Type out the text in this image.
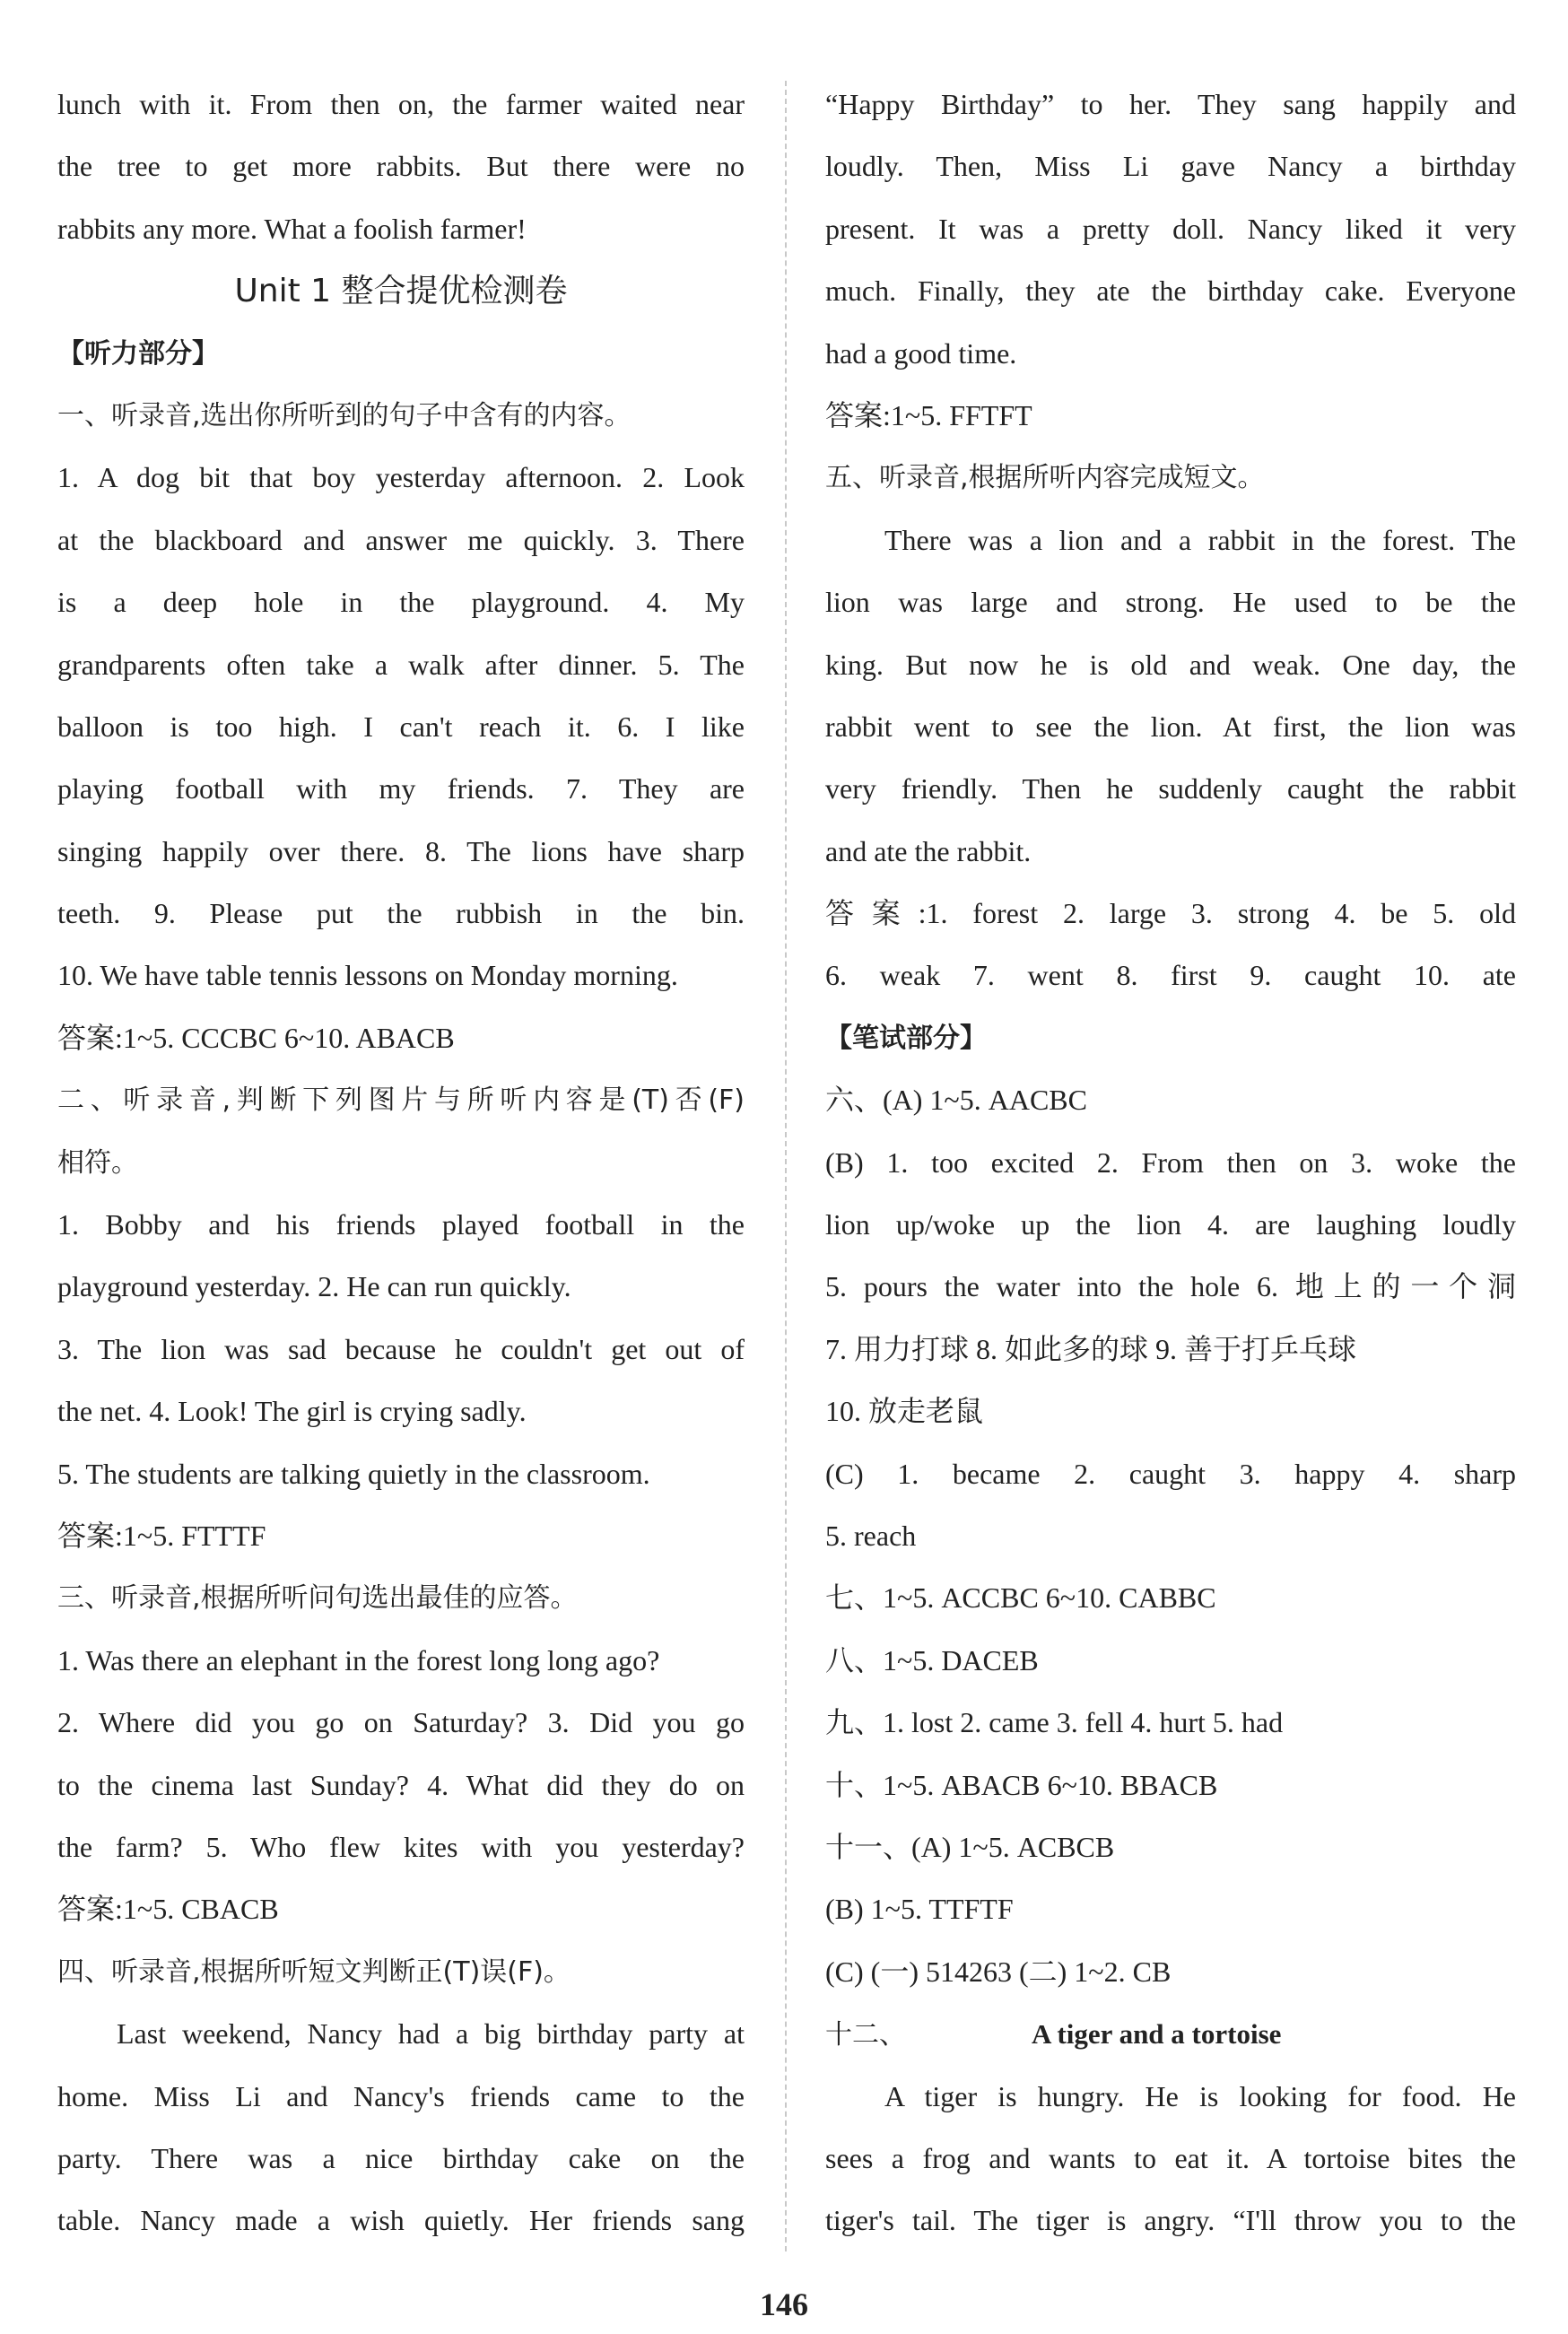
lunch with it. From then on, the farmer waited near
the tree to get more rabbits. But there were no
rabbits any more. What a foolish farmer!
Unit 1 整合提优检测卷
【听力部分】
一、听录音,选出你所听到的句子中含有的内容。
1. A dog bit that boy yesterday afternoon. 2. Look
at the blackboard and answer me quickly. 3. There
is a deep hole in the playground. 4. My
grandparents often take a walk after dinner. 5. The
balloon is too high. I can't reach it. 6. I like
playing football with my friends. 7. They are
singing happily over there. 8. The lions have sharp
teeth. 9. Please put the rubbish in the bin.
10. We have table tennis lessons on Monday morning.
答案:1~5. CCCBC 6~10. ABACB
二、听录音,判断下列图片与所听内容是(T)否(F)
相符。
1. Bobby and his friends played football in the
playground yesterday. 2. He can run quickly.
3. The lion was sad because he couldn't get out of
the net. 4. Look! The girl is crying sadly.
5. The students are talking quietly in the classroom.
答案:1~5. FTTTF
三、听录音,根据所听问句选出最佳的应答。
1. Was there an elephant in the forest long long ago?
2. Where did you go on Saturday? 3. Did you go
to the cinema last Sunday? 4. What did they do on
the farm? 5. Who flew kites with you yesterday?
答案:1~5. CBACB
四、听录音,根据所听短文判断正(T)误(F)。
Last weekend, Nancy had a big birthday party at
home. Miss Li and Nancy's friends came to the
party. There was a nice birthday cake on the
table. Nancy made a wish quietly. Her friends sang
“Happy Birthday” to her. They sang happily and
loudly. Then, Miss Li gave Nancy a birthday
present. It was a pretty doll. Nancy liked it very
much. Finally, they ate the birthday cake. Everyone
had a good time.
答案:1~5. FFTFT
五、听录音,根据所听内容完成短文。
There was a lion and a rabbit in the forest. The
lion was large and strong. He used to be the
king. But now he is old and weak. One day, the
rabbit went to see the lion. At first, the lion was
very friendly. Then he suddenly caught the rabbit
and ate the rabbit.
答案:1. forest 2. large 3. strong 4. be 5. old
6. weak 7. went 8. first 9. caught 10. ate
【笔试部分】
六、(A) 1~5. AACBC
(B) 1. too excited 2. From then on 3. woke the
lion up/woke up the lion 4. are laughing loudly
5. pours the water into the hole 6. 地上的一个洞
7. 用力打球 8. 如此多的球 9. 善于打乒乓球
10. 放走老鼠
(C) 1. became 2. caught 3. happy 4. sharp
5. reach
七、1~5. ACCBC 6~10. CABBC
八、1~5. DACEB
九、1. lost 2. came 3. fell 4. hurt 5. had
十、1~5. ABACB 6~10. BBACB
十一、(A) 1~5. ACBCB
(B) 1~5. TTFTF
(C) (一) 514263 (二) 1~2. CB
十二、	A tiger and a tortoise
A tiger is hungry. He is looking for food. He
sees a frog and wants to eat it. A tortoise bites the
tiger's tail. The tiger is angry. “I'll throw you to the
146
